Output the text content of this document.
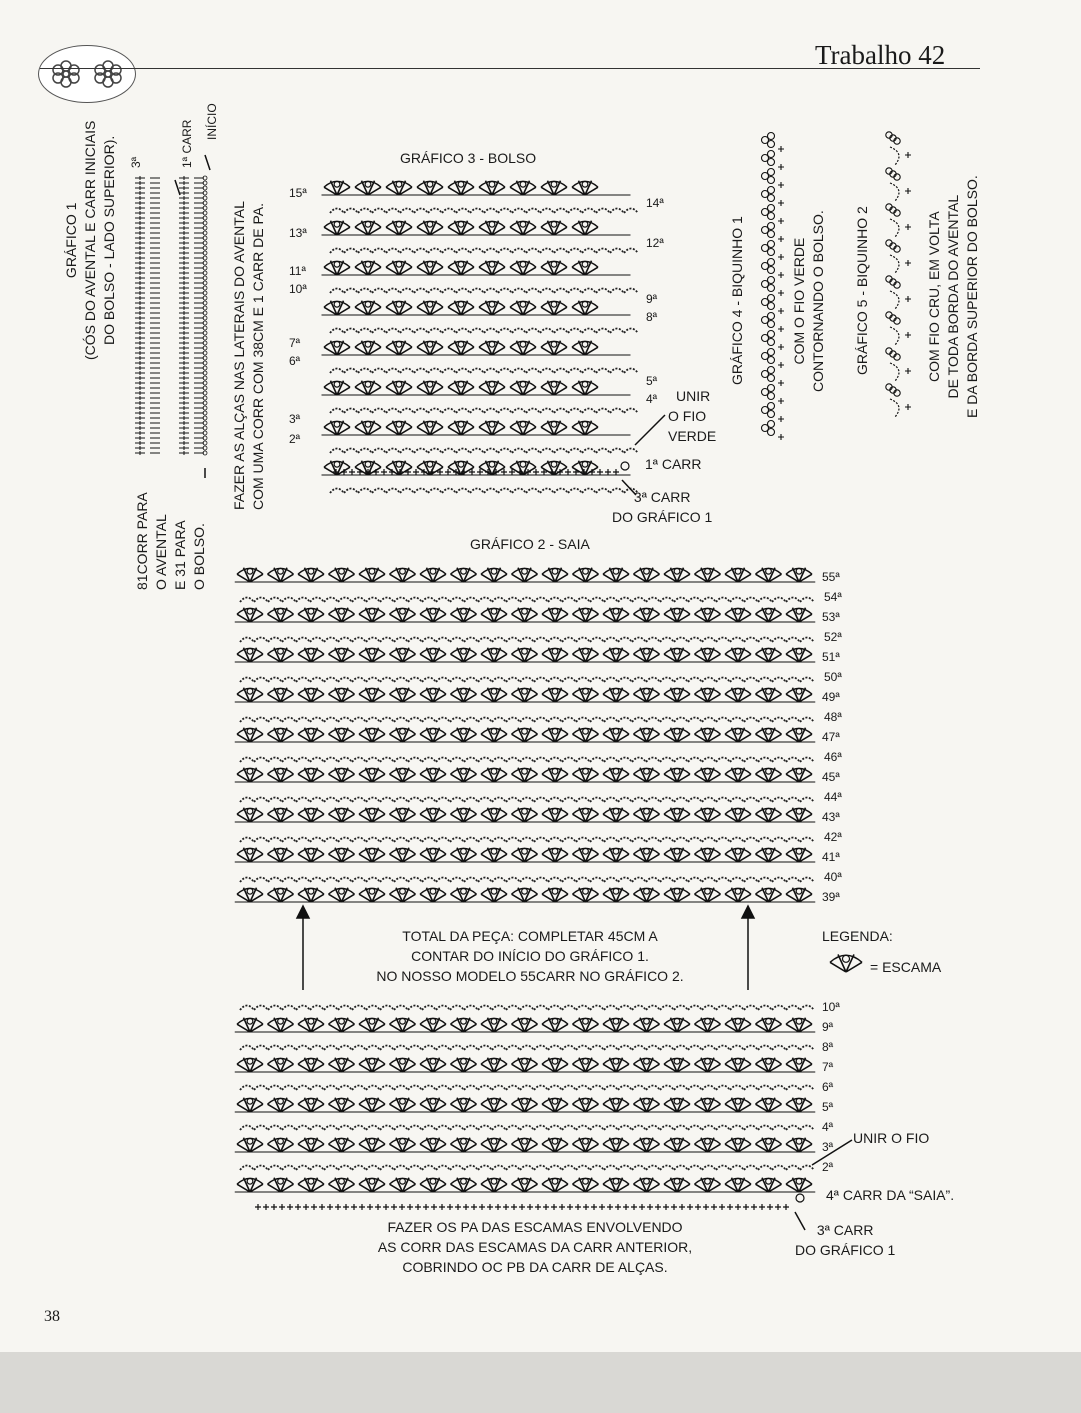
Trabalho 42
GRÁFICO 1 (CÓS DO AVENTAL E CARR INICIAIS DO BOLSO - LADO SUPERIOR). 3ª	1ª CARR INÍCIO
81CORR PARA O AVENTAL E 31 PARA O BOLSO.
FAZER AS ALÇAS NAS LATERAIS DO AVENTAL COM UMA CORR COM 38CM E 1 CARR DE PA.
GRÁFICO 3 - BOLSO
15ª
13ª
11ª
10ª
7ª
6ª
3ª
2ª
14ª
12ª
9ª
8ª
5ª
4ª
1ª CARR
UNIR
O FIO
VERDE
3ª CARR
DO GRÁFICO 1
GRÁFICO 4 - BIQUINHO 1	COM O FIO VERDE CONTORNANDO O BOLSO. GRÁFICO 5 - BIQUINHO 2	COM FIO CRU, EM VOLTA DE TODA BORDA DO AVENTAL E DA BORDA SUPERIOR DO BOLSO.
GRÁFICO 2 - SAIA
55ª
54ª
53ª
52ª
51ª
50ª
49ª
48ª
47ª
46ª
45ª
44ª
43ª
42ª
41ª
40ª
39ª
10ª
9ª
8ª
7ª
6ª
5ª
4ª
3ª
2ª
TOTAL DA PEÇA: COMPLETAR 45CM A
CONTAR DO INÍCIO DO GRÁFICO 1.
NO NOSSO MODELO 55CARR NO GRÁFICO 2.
UNIR O FIO
4ª CARR DA “SAIA”.
3ª CARR
DO GRÁFICO 1
FAZER OS PA DAS ESCAMAS ENVOLVENDO
AS CORR DAS ESCAMAS DA CARR ANTERIOR,
COBRINDO OC PB DA CARR DE ALÇAS.
LEGENDA:
= ESCAMA
38
